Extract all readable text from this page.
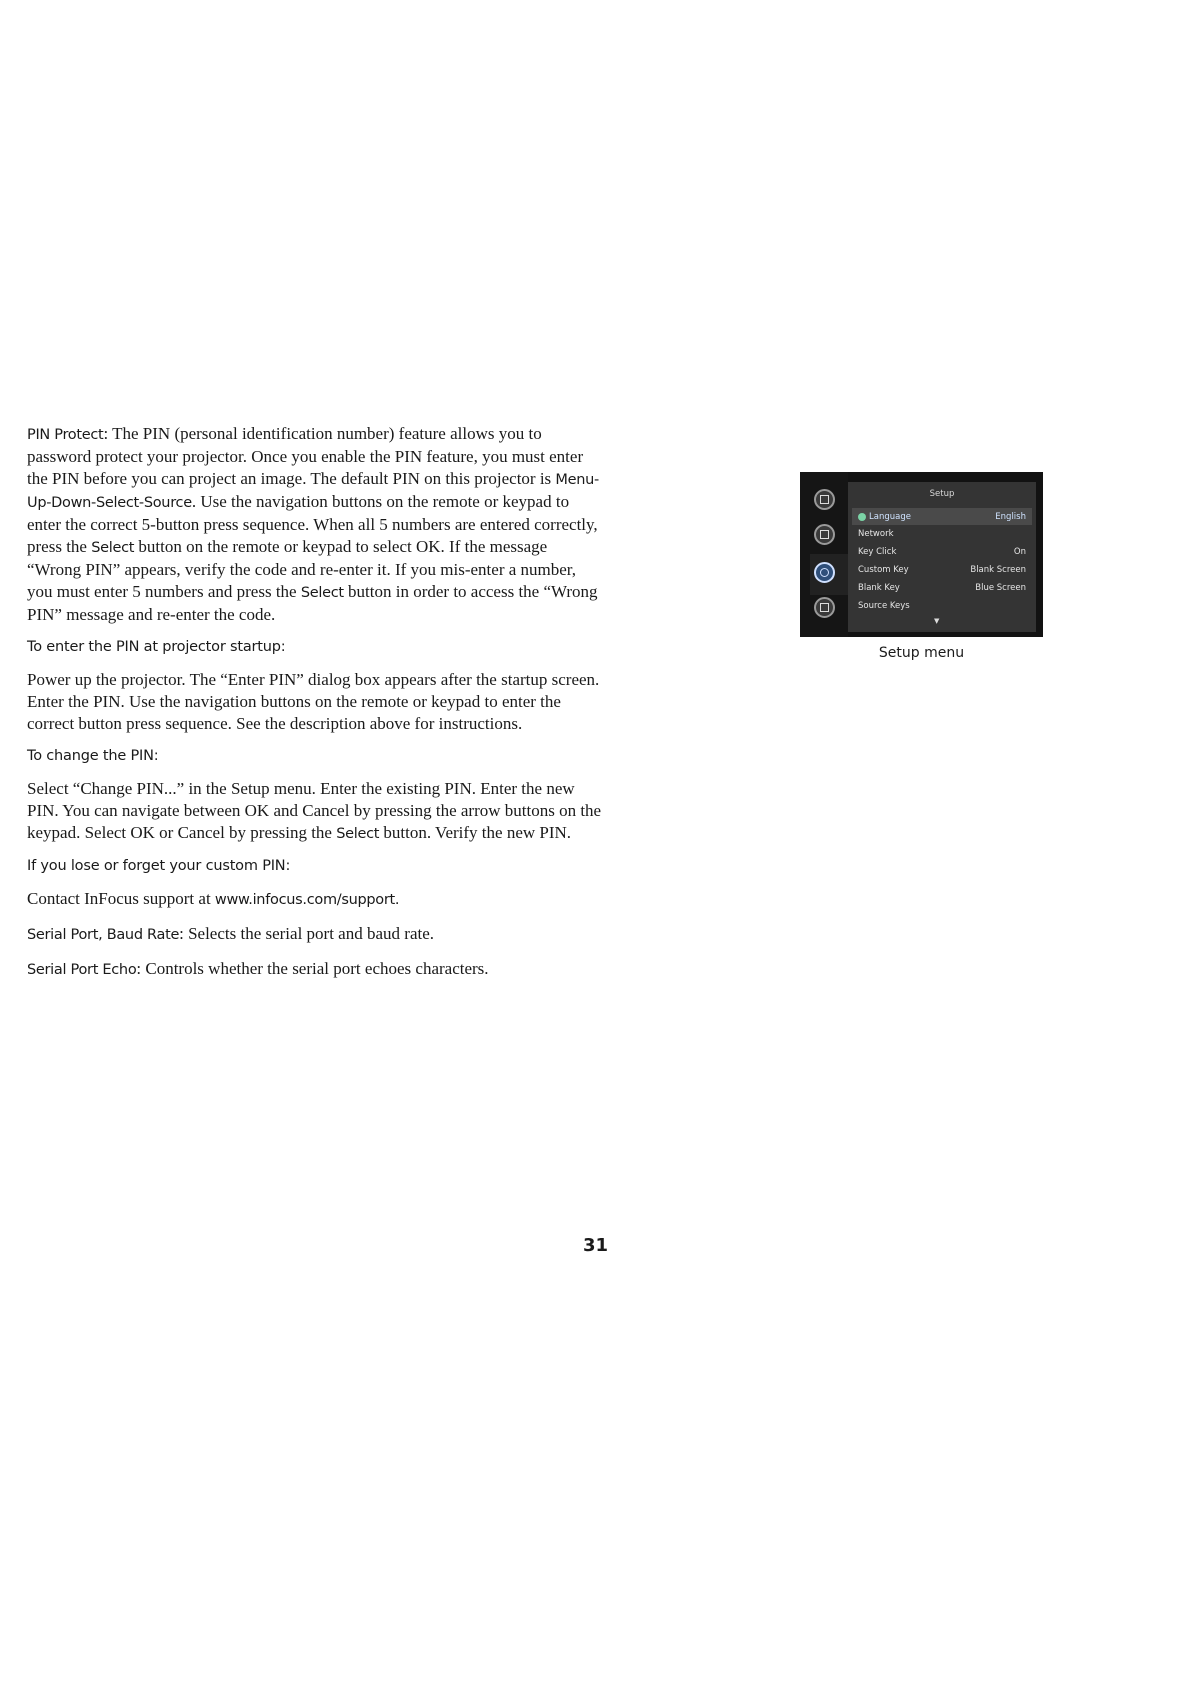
PIN Protect: The PIN (personal identification number) feature allows you to password protect your projector. Once you enable the PIN feature, you must enter the PIN before you can project an image. The default PIN on this projector is Menu-Up-Down-Select-Source. Use the navigation buttons on the remote or keypad to enter the correct 5-button press sequence. When all 5 numbers are entered correctly, press the Select button on the remote or keypad to select OK. If the message “Wrong PIN” appears, verify the code and re-enter it. If you mis-enter a number, you must enter 5 numbers and press the Select button in order to access the “Wrong PIN” message and re-enter the code.

To enter the PIN at projector startup:

Power up the projector. The “Enter PIN” dialog box appears after the startup screen. Enter the PIN. Use the navigation buttons on the remote or keypad to enter the correct button press sequence. See the description above for instructions.

To change the PIN:

Select “Change PIN...” in the Setup menu. Enter the existing PIN. Enter the new PIN. You can navigate between OK and Cancel by pressing the arrow buttons on the keypad. Select OK or Cancel by pressing the Select button. Verify the new PIN.

If you lose or forget your custom PIN:

Contact InFocus support at www.infocus.com/support.

Serial Port, Baud Rate: Selects the serial port and baud rate.

Serial Port Echo: Controls whether the serial port echoes characters.

Setup
Language	English
Network
Key Click	On
Custom Key	Blank Screen
Blank Key	Blue Screen
Source Keys
▼
Setup menu
31
